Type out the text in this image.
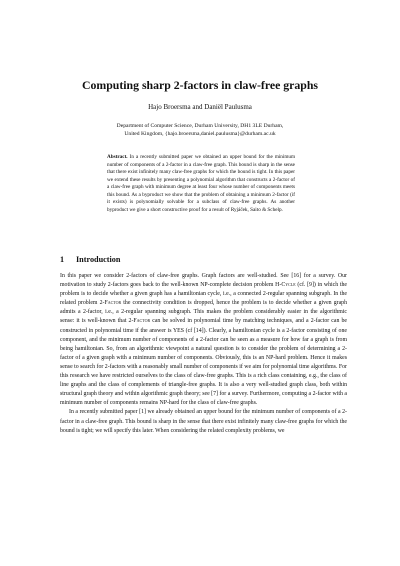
Computing sharp 2-factors in claw-free graphs
Hajo Broersma and Daniël Paulusma
Department of Computer Science, Durham University, DH1 3LE Durham,
United Kingdom, {hajo.broersma,daniel.paulusma}@durham.ac.uk
Abstract. In a recently submitted paper we obtained an upper bound for the minimum number of components of a 2-factor in a claw-free graph. This bound is sharp in the sense that there exist infinitely many claw-free graphs for which the bound is tight. In this paper we extend these results by presenting a polynomial algorithm that constructs a 2-factor of a claw-free graph with minimum degree at least four whose number of components meets this bound. As a byproduct we show that the problem of obtaining a minimum 2-factor (if it exists) is polynomially solvable for a subclass of claw-free graphs. As another byproduct we give a short constructive proof for a result of Ryjáček, Saito & Schelp.
1 Introduction

In this paper we consider 2-factors of claw-free graphs. Graph factors are well-studied. See [16] for a survey. Our motivation to study 2-factors goes back to the well-known NP-complete decision problem H-Cycle (cf. [9]) in which the problem is to decide whether a given graph has a hamiltonian cycle, i.e., a connected 2-regular spanning subgraph. In the related problem 2-Factor the connectivity condition is dropped, hence the problem is to decide whether a given graph admits a 2-factor, i.e., a 2-regular spanning subgraph. This makes the problem considerably easier in the algorithmic sense: it is well-known that 2-Factor can be solved in polynomial time by matching techniques, and a 2-factor can be constructed in polynomial time if the answer is YES (cf [14]). Clearly, a hamiltonian cycle is a 2-factor consisting of one component, and the minimum number of components of a 2-factor can be seen as a measure for how far a graph is from being hamiltonian. So, from an algorithmic viewpoint a natural question is to consider the problem of determining a 2-factor of a given graph with a minimum number of components. Obviously, this is an NP-hard problem. Hence it makes sense to search for 2-factors with a reasonably small number of components if we aim for polynomial time algorithms. For this research we have restricted ourselves to the class of claw-free graphs. This is a rich class containing, e.g., the class of line graphs and the class of complements of triangle-free graphs. It is also a very well-studied graph class, both within structural graph theory and within algorithmic graph theory; see [7] for a survey. Furthermore, computing a 2-factor with a minimum number of components remains NP-hard for the class of claw-free graphs.

In a recently submitted paper [1] we already obtained an upper bound for the minimum number of components of a 2-factor in a claw-free graph. This bound is sharp in the sense that there exist infinitely many claw-free graphs for which the bound is tight; we will specify this later. When considering the related complexity problems, we
